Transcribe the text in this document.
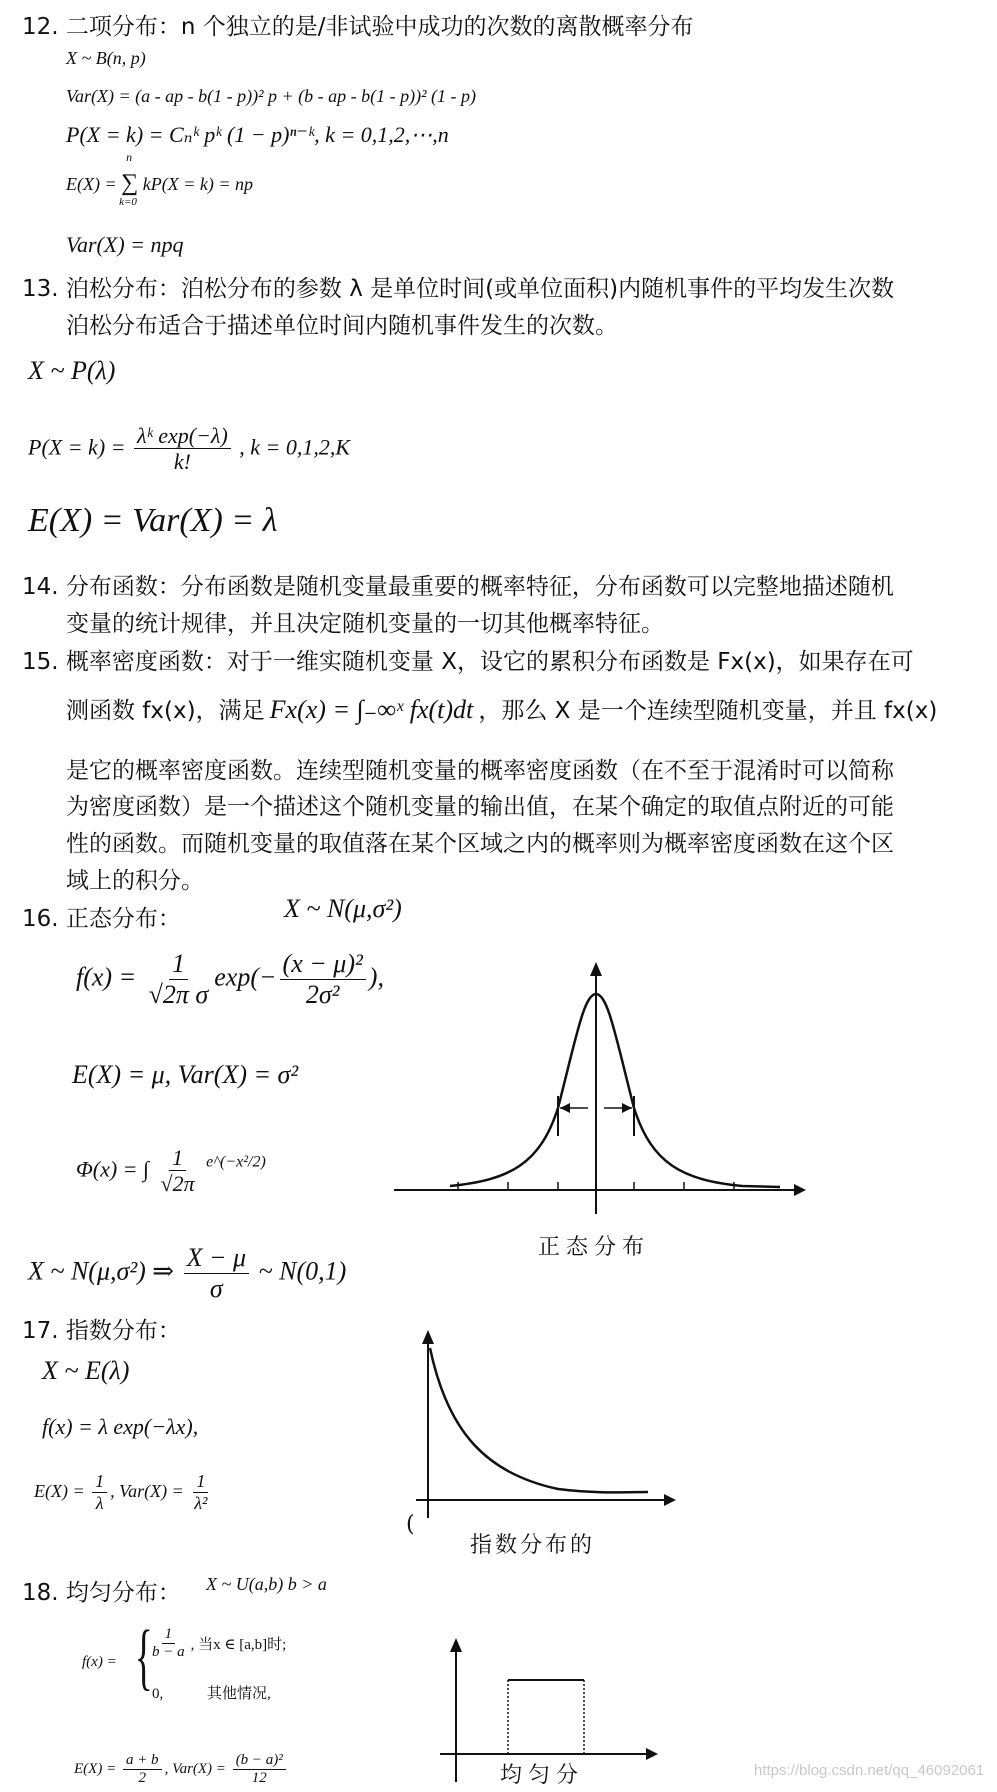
12. 二项分布：n 个独立的是/非试验中成功的次数的离散概率分布
X ~ B(n, p)
Var(X) = (a - ap - b(1 - p))² p + (b - ap - b(1 - p))² (1 - p)
P(X = k) = Cₙᵏ pᵏ (1 − p)ⁿ⁻ᵏ, k = 0,1,2,⋯,n
E(X) = ∑
n
k=0
kP(X = k) = np
Var(X) = npq
13. 泊松分布：泊松分布的参数 λ 是单位时间(或单位面积)内随机事件的平均发生次数
泊松分布适合于描述单位时间内随机事件发生的次数。
X ~ P(λ)
$P(X = k) = \frac{\text{λᵏ exp(−λ)}}{k!}$ , k = 0,1,2,K
E(X) = Var(X) = λ
14. 分布函数：分布函数是随机变量最重要的概率特征，分布函数可以完整地描述随机
变量的统计规律，并且决定随机变量的一切其他概率特征。
15. 概率密度函数：对于一维实随机变量 X，设它的累积分布函数是 Fx(x)，如果存在可
测函数 fx(x)，满足 Fx(x) = ∫₋∞ˣ fx(t)dt ，那么 X 是一个连续型随机变量，并且 fx(x)
是它的概率密度函数。连续型随机变量的概率密度函数（在不至于混淆时可以简称
为密度函数）是一个描述这个随机变量的输出值，在某个确定的取值点附近的可能
性的函数。而随机变量的取值落在某个区域之内的概率则为概率密度函数在这个区
域上的积分。
16. 正态分布：	X ~ N(μ,σ²)
$f(x) = \frac{1}{\text{√2π σ}} \exp(- \frac{\text{(x − μ)²}}{\text{2σ²}}$ ),
E(X) = μ, Var(X) = σ²
Φ(x) = ∫ $\frac{1}{√2\pi} ^{e\^{}(-x^2/2)}$
正态分布
X ~ N(μ,σ²) ⇒ $\frac{X - \mu}{\sigma}$ ~ N(0,1)
17. 指数分布：
X ~ E(λ)
f(x) = λ exp(−λx),
$E(X) = \frac{1}{\lambda}$ , $Var(X) = \frac{1}{\text{λ²}}$
(
指数分布的
18. 均匀分布： X ~ U(a,b) b > a
f(x) = {
$\frac{1}{b - a}$ , 当x ∈ [a,b]时;
0,	其他情况,
$E(X) = \frac{a + b}{2}$ , $Var(X) = \frac{\text{(b − a)²}}{12}$	均匀分	https://blog.csdn.net/qq_46092061
